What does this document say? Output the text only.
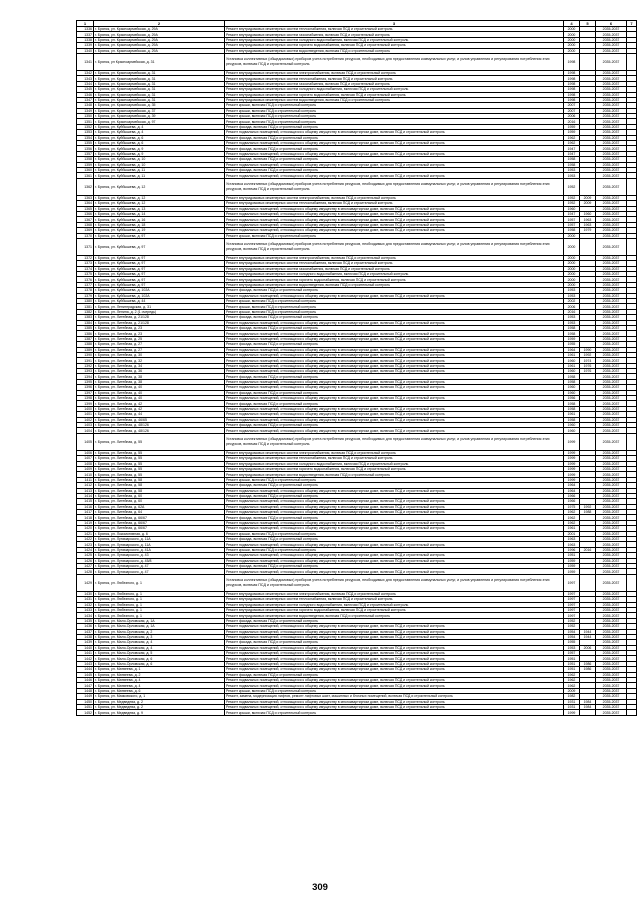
1	2	3	4	5	6	7
1336	г. Брянск, ул. Красноармейская, д. 29А	Ремонт внутридомовых инженерных систем теплоснабжения, включая ПСД и строительный контроль	2000		2035-2037	
1337	г. Брянск, ул. Красноармейская, д. 29А	Ремонт внутридомовых инженерных систем газоснабжения, включая ПСД и строительный контроль	2000		2035-2037	
1338	г. Брянск, ул. Красноармейская, д. 29А	Ремонт внутридомовых инженерных систем холодного водоснабжения, включая ПСД и строительный контроль	2000		2035-2037	
1339	г. Брянск, ул. Красноармейская, д. 29А	Ремонт внутридомовых инженерных систем горячего водоснабжения, включая ПСД и строительный контроль	2000		2035-2037	
1340	г. Брянск, ул. Красноармейская, д. 29А	Ремонт внутридомовых инженерных систем водоотведения, включая ПСД и строительный контроль	2000		2035-2037	
1341	г. Брянск, ул Красноармейская, д. 31	Установка коллективных (общедомовых) приборов учета потребления ресурсов, необходимых для предоставления коммунальных услуг, и узлов управления и регулирования потребления этих ресурсов, включая ПСД и строительный контроль	1998		2035-2037	
1342	г. Брянск, ул. Красноармейская, д. 31	Ремонт внутридомовых инженерных систем электроснабжения, включая ПСД и строительный контроль	1998		2035-2037	
1343	г. Брянск, ул. Красноармейская, д. 31	Ремонт внутридомовых инженерных систем теплоснабжения, включая ПСД и строительный контроль	1998		2035-2037	
1344	г. Брянск, ул. Красноармейская, д. 31	Ремонт внутридомовых инженерных систем газоснабжения, включая ПСД и строительный контроль	1998		2035-2037	
1345	г. Брянск, ул. Красноармейская, д. 31	Ремонт внутридомовых инженерных систем холодного водоснабжения, включая ПСД и строительный контроль	1998		2035-2037	
1346	г. Брянск, ул. Красноармейская, д. 31	Ремонт внутридомовых инженерных систем горячего водоснабжения, включая ПСД и строительный контроль	1998		2035-2037	
1347	г. Брянск, ул. Красноармейская, д. 31	Ремонт внутридомовых инженерных систем водоотведения, включая ПСД и строительный контроль	1998		2035-2037	
1348	г. Брянск, ул. Красноармейская, д. 35	Ремонт крыши, включая ПСД и строительный контроль	2007		2035-2037	
1349	г. Брянск, ул. Красноармейская, д. 37	Ремонт крыши, включая ПСД и строительный контроль	2007		2035-2037	
1350	г. Брянск, ул. Красноармейская, д. 39	Ремонт крыши, включая ПСД и строительный контроль	2006		2035-2037	
1351	г. Брянск, ул. Красноармейская, д. 97	Ремонт крыши, включая ПСД и строительный контроль	2016		2035-2037	
1352	г. Брянск, ул. Куйбышева, д. 4	Ремонт фасада, включая ПСД и строительный контроль	1959		2035-2037	
1353	г. Брянск, ул. Куйбышева, д. 4	Ремонт подвальных помещений, относящихся к общему имуществу в многоквартирном доме, включая ПСД и строительный контроль	1959		2035-2037	
1354	г. Брянск, ул. Куйбышева, д. 6	Ремонт фасада, включая ПСД и строительный контроль	1962		2035-2037	
1355	г. Брянск, ул. Куйбышева, д. 6	Ремонт подвальных помещений, относящихся к общему имуществу в многоквартирном доме, включая ПСД и строительный контроль	1962		2035-2037	
1356	г. Брянск, ул. Куйбышева, д. 9	Ремонт фасада, включая ПСД и строительный контроль	1947		2035-2037	
1357	г. Брянск, ул. Куйбышева, д. 9	Ремонт подвальных помещений, относящихся к общему имуществу в многоквартирном доме, включая ПСД и строительный контроль	1947		2035-2037	
1358	г. Брянск, ул. Куйбышева, д. 10	Ремонт фасада, включая ПСД и строительный контроль	1958		2035-2037	
1359	г. Брянск, ул. Куйбышева, д. 10	Ремонт подвальных помещений, относящихся к общему имуществу в многоквартирном доме, включая ПСД и строительный контроль	1958		2035-2037	
1360	г. Брянск, ул. Куйбышева, д. 11	Ремонт фасада, включая ПСД и строительный контроль	1953		2035-2037	
1361	г. Брянск, ул. Куйбышева, д. 11	Ремонт подвальных помещений, относящихся к общему имуществу в многоквартирном доме, включая ПСД и строительный контроль	1953		2035-2037	
1362	г. Брянск, ул. Куйбышева, д. 12	Установка коллективных (общедомовых) приборов учета потребления ресурсов, необходимых для предоставления коммунальных услуг, и узлов управления и регулирования потребления этих ресурсов, включая ПСД и строительный контроль	1952		2035-2037	
1363	г. Брянск, ул. Куйбышева, д. 12	Ремонт внутридомовых инженерных систем электроснабжения, включая ПСД и строительный контроль	1952	2009	2035-2037	
1364	г. Брянск, ул. Куйбышева, д. 12	Ремонт внутридомовых инженерных систем теплоснабжения, включая ПСД и строительный контроль	1952	2009	2035-2037	
1365	г. Брянск, ул. Куйбышева, д. 13	Ремонт подвальных помещений, относящихся к общему имуществу в многоквартирном доме, включая ПСД и строительный контроль	1960		2035-2037	
1366	г. Брянск, ул. Куйбышева, д. 14	Ремонт подвальных помещений, относящихся к общему имуществу в многоквартирном доме, включая ПСД и строительный контроль	1947	1960	2035-2037	
1367	г. Брянск, ул. Куйбышева, д. 16	Ремонт подвальных помещений, относящихся к общему имуществу в многоквартирном доме, включая ПСД и строительный контроль	1957	1963	2035-2037	
1368	г. Брянск, ул. Куйбышева, д. 18	Ремонт подвальных помещений, относящихся к общему имуществу в многоквартирном доме, включая ПСД и строительный контроль	1957	1963	2035-2037	
1369	г. Брянск, ул. Куйбышева, д. 19	Ремонт подвальных помещений, относящихся к общему имуществу в многоквартирном доме, включая ПСД и строительный контроль	1958	1979	2035-2037	
1370	г. Брянск, ул. Куйбышева, д. 97	Ремонт крыши, включая ПСД и строительный контроль	2000		2035-2037	
1371	г. Брянск, ул. Куйбышева, д. 97	Установка коллективных (общедомовых) приборов учета потребления ресурсов, необходимых для предоставления коммунальных услуг, и узлов управления и регулирования потребления этих ресурсов, включая ПСД и строительный контроль	2000		2035-2037	
1372	г. Брянск, ул. Куйбышева, д. 97	Ремонт внутридомовых инженерных систем электроснабжения, включая ПСД и строительный контроль	2000		2035-2037	
1373	г. Брянск, ул. Куйбышева, д. 97	Ремонт внутридомовых инженерных систем теплоснабжения, включая ПСД и строительный контроль	2000		2035-2037	
1374	г. Брянск, ул. Куйбышева, д. 97	Ремонт внутридомовых инженерных систем газоснабжения, включая ПСД и строительный контроль	2000		2035-2037	
1375	г. Брянск, ул. Куйбышева, д. 97	Ремонт внутридомовых инженерных систем холодного водоснабжения, включая ПСД и строительный контроль	2000		2035-2037	
1376	г. Брянск, ул. Куйбышева, д. 97	Ремонт внутридомовых инженерных систем горячего водоснабжения, включая ПСД и строительный контроль	2000		2035-2037	
1377	г. Брянск, ул. Куйбышева, д. 97	Ремонт внутридомовых инженерных систем водоотведения, включая ПСД и строительный контроль	2000		2035-2037	
1378	г. Брянск, ул. Куйбышева, д. 102А	Ремонт фасада, включая ПСД и строительный контроль	1953		2035-2037	
1379	г. Брянск, ул. Куйбышева, д. 102А	Ремонт подвальных помещений, относящихся к общему имуществу в многоквартирном доме, включая ПСД и строительный контроль	1953		2035-2037	
1380	г. Брянск, ул. Куйбышева, д. 44	Ремонт крыши, включая ПСД и строительный контроль	2002		2035-2037	
1381	г. Брянск, ул. Ленинградская, д. 31	Ремонт крыши, включая ПСД и строительный контроль	2006		2035-2037	
1382	г. Брянск, ул. Ленина, д. 2 (1 очередь)	Ремонт крыши, включая ПСД и строительный контроль	2016		2035-2037	
1383	г. Брянск, ул. Литейная, д. 21/128	Ремонт фасада, включая ПСД и строительный контроль	1953		2035-2037	
1384	г. Брянск, ул. Литейная, д. 21/128	Ремонт подвальных помещений, относящихся к общему имуществу в многоквартирном доме, включая ПСД и строительный контроль	1953		2035-2037	
1385	г. Брянск, ул. Литейная, д. 23	Ремонт фасада, включая ПСД и строительный контроль	1958		2035-2037	
1386	г. Брянск, ул. Литейная, д. 23	Ремонт подвальных помещений, относящихся к общему имуществу в многоквартирном доме, включая ПСД и строительный контроль	1958		2035-2037	
1387	г. Брянск, ул. Литейная, д. 25	Ремонт подвальных помещений, относящихся к общему имуществу в многоквартирном доме, включая ПСД и строительный контроль	1959		2035-2037	
1388	г. Брянск, ул. Литейная, д. 27	Ремонт фасада, включая ПСД и строительный контроль	1955		2035-2037	
1389	г. Брянск, ул. Литейная, д. 27	Ремонт подвальных помещений, относящихся к общему имуществу в многоквартирном доме, включая ПСД и строительный контроль	1964	1990	2035-2037	
1390	г. Брянск, ул. Литейная, д. 30	Ремонт подвальных помещений, относящихся к общему имуществу в многоквартирном доме, включая ПСД и строительный контроль	1961	1992	2035-2037	
1391	г. Брянск, ул. Литейная, д. 32	Ремонт подвальных помещений, относящихся к общему имуществу в многоквартирном доме, включая ПСД и строительный контроль	1960	1974	2035-2037	
1392	г. Брянск, ул. Литейная, д. 34	Ремонт подвальных помещений, относящихся к общему имуществу в многоквартирном доме, включая ПСД и строительный контроль	1961	1976	2035-2037	
1393	г. Брянск, ул. Литейная, д. 36	Ремонт подвальных помещений, относящихся к общему имуществу в многоквартирном доме, включая ПСД и строительный контроль	1960	1976	2035-2037	
1394	г. Брянск, ул. Литейная, д. 38	Ремонт фасада, включая ПСД и строительный контроль	1958		2035-2037	
1395	г. Брянск, ул. Литейная, д. 38	Ремонт подвальных помещений, относящихся к общему имуществу в многоквартирном доме, включая ПСД и строительный контроль	1958		2035-2037	
1396	г. Брянск, ул. Литейная, д. 40	Ремонт подвальных помещений, относящихся к общему имуществу в многоквартирном доме, включая ПСД и строительный контроль	1960		2035-2037	
1397	г. Брянск, ул. Литейная, д. 40	Ремонт фасада, включая ПСД и строительный контроль	1960		2035-2037	
1398	г. Брянск, ул. Литейная, д. 40	Ремонт подвальных помещений, относящихся к общему имуществу в многоквартирном доме, включая ПСД и строительный контроль	1956		2035-2037	
1399	г. Брянск, ул. Литейная, д. 42	Ремонт фасада, включая ПСД и строительный контроль	1958		2035-2037	
1400	г. Брянск, ул. Литейная, д. 42	Ремонт подвальных помещений, относящихся к общему имуществу в многоквартирном доме, включая ПСД и строительный контроль	1958		2035-2037	
1401	г. Брянск, ул. Литейная, д. 44	Ремонт подвальных помещений, относящихся к общему имуществу в многоквартирном доме, включая ПСД и строительный контроль	1961		2035-2037	
1402	г. Брянск, ул. Литейная, д. 46/65	Ремонт подвальных помещений, относящихся к общему имуществу в многоквартирном доме, включая ПСД и строительный контроль	1958		2035-2037	
1403	г. Брянск, ул. Литейная, д. 48/126	Ремонт фасада, включая ПСД и строительный контроль	1960		2035-2037	
1404	г. Брянск, ул. Литейная, д. 48/126	Ремонт подвальных помещений, относящихся к общему имуществу в многоквартирном доме, включая ПСД и строительный контроль	1960		2035-2037	
1405	г. Брянск, ул. Литейная, д. 55	Установка коллективных (общедомовых) приборов учета потребления ресурсов, необходимых для предоставления коммунальных услуг, и узлов управления и регулирования потребления этих ресурсов, включая ПСД и строительный контроль	1999		2035-2037	
1406	г. Брянск, ул. Литейная, д. 55	Ремонт внутридомовых инженерных систем электроснабжения, включая ПСД и строительный контроль	1999		2035-2037	
1407	г. Брянск, ул. Литейная, д. 55	Ремонт внутридомовых инженерных систем теплоснабжения, включая ПСД и строительный контроль	1999		2035-2037	
1408	г. Брянск, ул. Литейная, д. 55	Ремонт внутридомовых инженерных систем холодного водоснабжения, включая ПСД и строительный контроль	1999		2035-2037	
1409	г. Брянск, ул. Литейная, д. 55	Ремонт внутридомовых инженерных систем горячего водоснабжения, включая ПСД и строительный контроль	1999		2035-2037	
1410	г. Брянск, ул. Литейная, д. 55	Ремонт внутридомовых инженерных систем водоотведения, включая ПСД и строительный контроль	1999		2035-2037	
1411	г. Брянск, ул. Литейная, д. 58	Ремонт крыши, включая ПСД и строительный контроль	1999		2035-2037	
1412	г. Брянск, ул. Литейная, д. 58	Ремонт фасада, включая ПСД и строительный контроль	1964		2035-2037	
1413	г. Брянск, ул. Литейная, д. 58	Ремонт подвальных помещений, относящихся к общему имуществу в многоквартирном доме, включая ПСД и строительный контроль	1964		2035-2037	
1414	г. Брянск, ул. Литейная, д. 60	Ремонт фасада, включая ПСД и строительный контроль	1966		2035-2037	
1415	г. Брянск, ул. Литейная, д. 60	Ремонт подвальных помещений, относящихся к общему имуществу в многоквартирном доме, включая ПСД и строительный контроль	1966		2035-2037	
1416	г. Брянск, ул. Литейная, д. 62А	Ремонт подвальных помещений, относящихся к общему имуществу в многоквартирном доме, включая ПСД и строительный контроль	1975	1992	2035-2037	
1417	г. Брянск, ул. Литейная, д. 64	Ремонт подвальных помещений, относящихся к общему имуществу в многоквартирном доме, включая ПСД и строительный контроль	1962	1988	2035-2037	
1418	г. Брянск, ул. Литейная, д. 66/67	Ремонт фасада, включая ПСД и строительный контроль	1962		2035-2037	
1419	г. Брянск, ул. Литейная, д. 66/67	Ремонт подвальных помещений, относящихся к общему имуществу в многоквартирном доме, включая ПСД и строительный контроль	1962		2035-2037	
1420	г. Брянск, ул. Литейная, д. 66/67	Ремонт подвальных помещений, относящихся к общему имуществу в многоквартирном доме, включая ПСД и строительный контроль	1961		2035-2037	
1421	г. Брянск, ул. Локомотивная, д. 6	Ремонт крыши, включая ПСД и строительный контроль	2001		2035-2037	
1422	г. Брянск, ул. Луначарского, д. 11А	Ремонт фасада, включая ПСД и строительный контроль	1963		2035-2037	
1423	г. Брянск, ул. Луначарского, д. 11А	Ремонт подвальных помещений, относящихся к общему имуществу в многоквартирном доме, включая ПСД и строительный контроль	1963		2035-2037	
1424	г. Брянск, ул. Луначарского, д. 41А	Ремонт крыши, включая ПСД и строительный контроль	1996	2016	2035-2037	
1425	г. Брянск, ул. Луначарского, д. 43	Ремонт подвальных помещений, относящихся к общему имуществу в многоквартирном доме, включая ПСД и строительный контроль	1951		2035-2037	
1426	г. Брянск, ул. Луначарского, д. 45/8	Ремонт подвальных помещений, относящихся к общему имуществу в многоквартирном доме, включая ПСД и строительный контроль	1959		2035-2037	
1427	г. Брянск, ул. Луначарского, д. 47	Ремонт фасада, включая ПСД и строительный контроль	1959		2035-2037	
1428	г. Брянск, ул. Луначарского, д. 47	Ремонт подвальных помещений, относящихся к общему имуществу в многоквартирном доме, включая ПСД и строительный контроль	1959		2035-2037	
1429	г. Брянск, ул. Любезного, д. 1	Установка коллективных (общедомовых) приборов учета потребления ресурсов, необходимых для предоставления коммунальных услуг, и узлов управления и регулирования потребления этих ресурсов, включая ПСД и строительный контроль	1997		2035-2037	
1430	г. Брянск, ул. Любезного, д. 1	Ремонт внутридомовых инженерных систем электроснабжения, включая ПСД и строительный контроль	1997		2035-2037	
1431	г. Брянск, ул. Любезного, д. 1	Ремонт внутридомовых инженерных систем теплоснабжения, включая ПСД и строительный контроль	1997		2035-2037	
1432	г. Брянск, ул. Любезного, д. 1	Ремонт внутридомовых инженерных систем холодного водоснабжения, включая ПСД и строительный контроль	1997		2035-2037	
1433	г. Брянск, ул. Любезного, д. 1	Ремонт внутридомовых инженерных систем горячего водоснабжения, включая ПСД и строительный контроль	1997		2035-2037	
1434	г. Брянск, ул. Любезного, д. 1	Ремонт внутридомовых инженерных систем водоотведения, включая ПСД и строительный контроль	1997		2035-2037	
1435	г. Брянск, ул. Мало-Орловская, д. 1А	Ремонт фасада, включая ПСД и строительный контроль	1952		2035-2037	
1436	г. Брянск, ул. Мало-Орловская, д. 1А	Ремонт подвальных помещений, относящихся к общему имуществу в многоквартирном доме, включая ПСД и строительный контроль	1952		2035-2037	
1437	г. Брянск, ул. Мало-Орловская, д. 2	Ремонт подвальных помещений, относящихся к общему имуществу в многоквартирном доме, включая ПСД и строительный контроль	1954	1944	2035-2037	
1438	г. Брянск, ул. Мало-Орловская, д. 3	Ремонт подвальных помещений, относящихся к общему имуществу в многоквартирном доме, включая ПСД и строительный контроль	1954	1944	2035-2037	
1439	г. Брянск, ул. Мало-Орловская, д. 4	Ремонт фасада, включая ПСД и строительный контроль	1955		2035-2037	
1440	г. Брянск, ул. Мало-Орловская, д. 4	Ремонт подвальных помещений, относящихся к общему имуществу в многоквартирном доме, включая ПСД и строительный контроль	1953	2006	2035-2037	
1441	г. Брянск, ул. Мало-Орловская, д. 5	Ремонт подвальных помещений, относящихся к общему имуществу в многоквартирном доме, включая ПСД и строительный контроль	1957		2035-2037	
1442	г. Брянск, ул. Мало-Орловская, д. 6	Ремонт подвальных помещений, относящихся к общему имуществу в многоквартирном доме, включая ПСД и строительный контроль	1951		2035-2037	
1443	г. Брянск, ул. Мало-Орловская, д. 6	Ремонт подвальных помещений, относящихся к общему имуществу в многоквартирном доме, включая ПСД и строительный контроль	1951	1986	2035-2037	
1444	г. Брянск, ул. Матвеева, д. 1	Ремонт подвальных помещений, относящихся к общему имуществу в многоквартирном доме, включая ПСД и строительный контроль	1951	1986	2035-2037	
1445	г. Брянск, ул. Матвеева, д. 2	Ремонт фасада, включая ПСД и строительный контроль	1962		2035-2037	
1446	г. Брянск, ул. Матвеева, д. 4	Ремонт подвальных помещений, относящихся к общему имуществу в многоквартирном доме, включая ПСД и строительный контроль	1962		2035-2037	
1447	г. Брянск, ул. Матвеева, д. 4	Ремонт подвальных помещений, относящихся к общему имуществу в многоквартирном доме, включая ПСД и строительный контроль	1962		2035-2037	
1448	г. Брянск, ул. Матвеева, д. 6	Ремонт крыши, включая ПСД и строительный контроль	2009		2035-2037	
1449	г. Брянск, ул. Маяковского, д. 1	Ремонт, замена, модернизация лифтов, ремонт лифтовых шахт, машинных и блочных помещений, включая ПСД и строительный контроль	1982		2035-2037	
1450	г. Брянск, ул. Медведева, д. 2	Ремонт подвальных помещений, относящихся к общему имуществу в многоквартирном доме, включая ПСД и строительный контроль	1931	1984	2035-2037	
1451	г. Брянск, ул. Медведева, д. 2	Ремонт подвальных помещений, относящихся к общему имуществу в многоквартирном доме, включая ПСД и строительный контроль	1931	1984	2035-2037	
1452	г. Брянск, ул. Медведева, д. 9	Ремонт крыши, включая ПСД и строительный контроль	1999		2035-2037	
309
